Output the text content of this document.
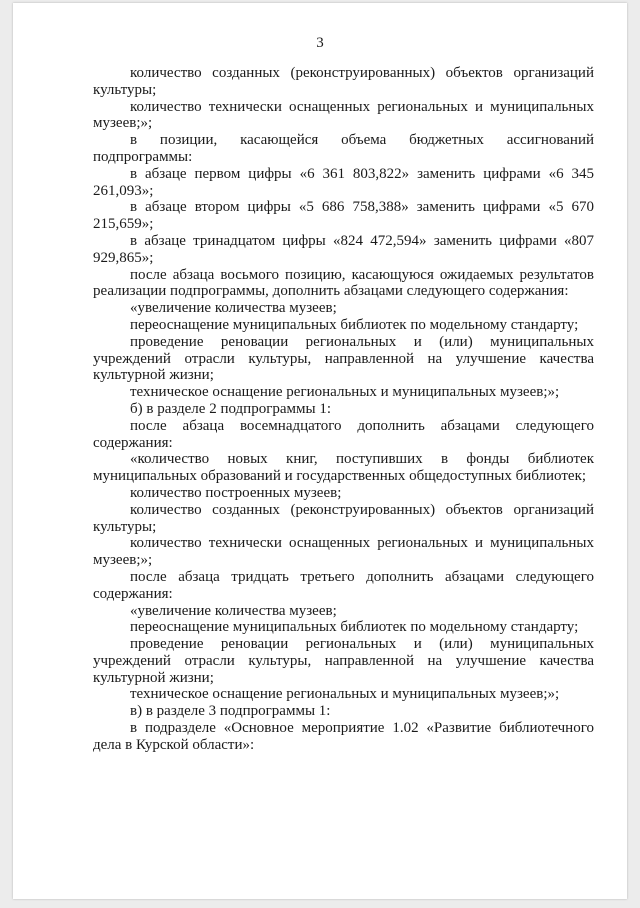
3

количество созданных (реконструированных) объектов организаций культуры;

количество технически оснащенных региональных и муниципальных музеев;»;

в позиции, касающейся объема бюджетных ассигнований подпрограммы:

в абзаце первом цифры «6 361 803,822» заменить цифрами «6 345 261,093»;

в абзаце втором цифры «5 686 758,388» заменить цифрами «5 670 215,659»;

в абзаце тринадцатом цифры «824 472,594» заменить цифрами «807 929,865»;

после абзаца восьмого позицию, касающуюся ожидаемых результатов реализации подпрограммы, дополнить абзацами следующего содержания:

«увеличение количества музеев;

переоснащение муниципальных библиотек по модельному стандарту;

проведение реновации региональных и (или) муниципальных учреждений отрасли культуры, направленной на улучшение качества культурной жизни;

техническое оснащение региональных и муниципальных музеев;»;

б) в разделе 2 подпрограммы 1:

после абзаца восемнадцатого дополнить абзацами следующего содержания:

«количество новых книг, поступивших в фонды библиотек муниципальных образований и государственных общедоступных библиотек;

количество построенных музеев;

количество созданных (реконструированных) объектов организаций культуры;

количество технически оснащенных региональных и муниципальных музеев;»;

после абзаца тридцать третьего дополнить абзацами следующего содержания:

«увеличение количества музеев;

переоснащение муниципальных библиотек по модельному стандарту;

проведение реновации региональных и (или) муниципальных учреждений отрасли культуры, направленной на улучшение качества культурной жизни;

техническое оснащение региональных и муниципальных музеев;»;

в) в разделе 3 подпрограммы 1:

в подразделе «Основное мероприятие 1.02 «Развитие библиотечного дела в Курской области»:
